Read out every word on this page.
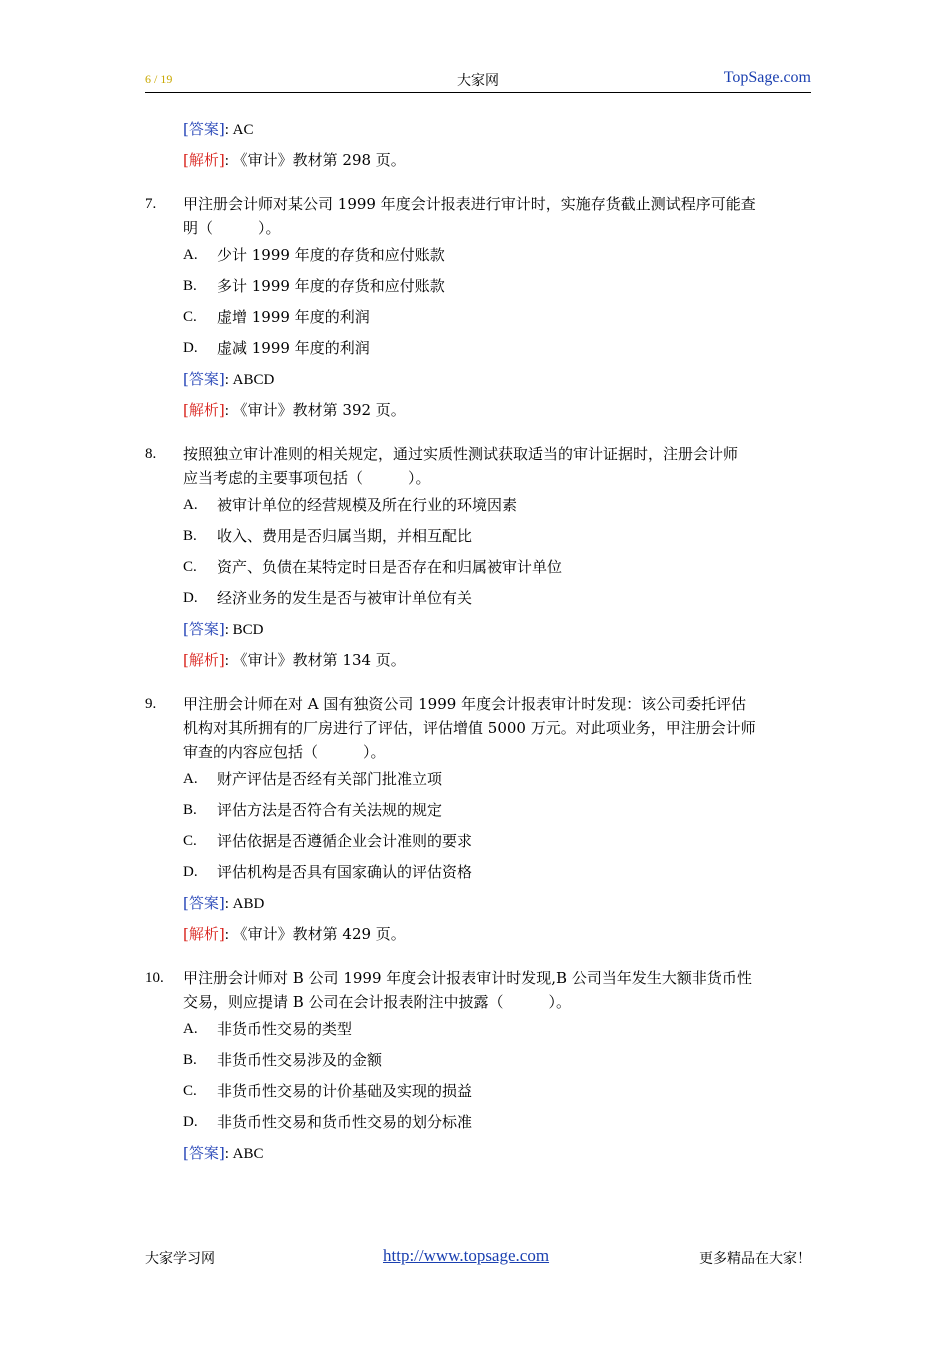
6 / 19	大家网	TopSage.com
[答案]: AC
[解析]: 《审计》教材第 298 页。
7.	甲注册会计师对某公司 1999 年度会计报表进行审计时，实施存货截止测试程序可能查
明（　　　）。
A.	少计 1999 年度的存货和应付账款
B.	多计 1999 年度的存货和应付账款
C.	虚增 1999 年度的利润
D.	虚减 1999 年度的利润
[答案]: ABCD
[解析]: 《审计》教材第 392 页。
8.	按照独立审计准则的相关规定，通过实质性测试获取适当的审计证据时，注册会计师
应当考虑的主要事项包括（　　　）。
A.	被审计单位的经营规模及所在行业的环境因素
B.	收入、费用是否归属当期，并相互配比
C.	资产、负债在某特定时日是否存在和归属被审计单位
D.	经济业务的发生是否与被审计单位有关
[答案]: BCD
[解析]: 《审计》教材第 134 页。
9.	甲注册会计师在对 A 国有独资公司 1999 年度会计报表审计时发现：该公司委托评估
机构对其所拥有的厂房进行了评估，评估增值 5000 万元。对此项业务，甲注册会计师
审查的内容应包括（　　　）。
A.	财产评估是否经有关部门批准立项
B.	评估方法是否符合有关法规的规定
C.	评估依据是否遵循企业会计准则的要求
D.	评估机构是否具有国家确认的评估资格
[答案]: ABD
[解析]: 《审计》教材第 429 页。
10.	甲注册会计师对 B 公司 1999 年度会计报表审计时发现,B 公司当年发生大额非货币性
交易，则应提请 B 公司在会计报表附注中披露（　　　）。
A.	非货币性交易的类型
B.	非货币性交易涉及的金额
C.	非货币性交易的计价基础及实现的损益
D.	非货币性交易和货币性交易的划分标准
[答案]: ABC
大家学习网	http://www.topsage.com	更多精品在大家！
